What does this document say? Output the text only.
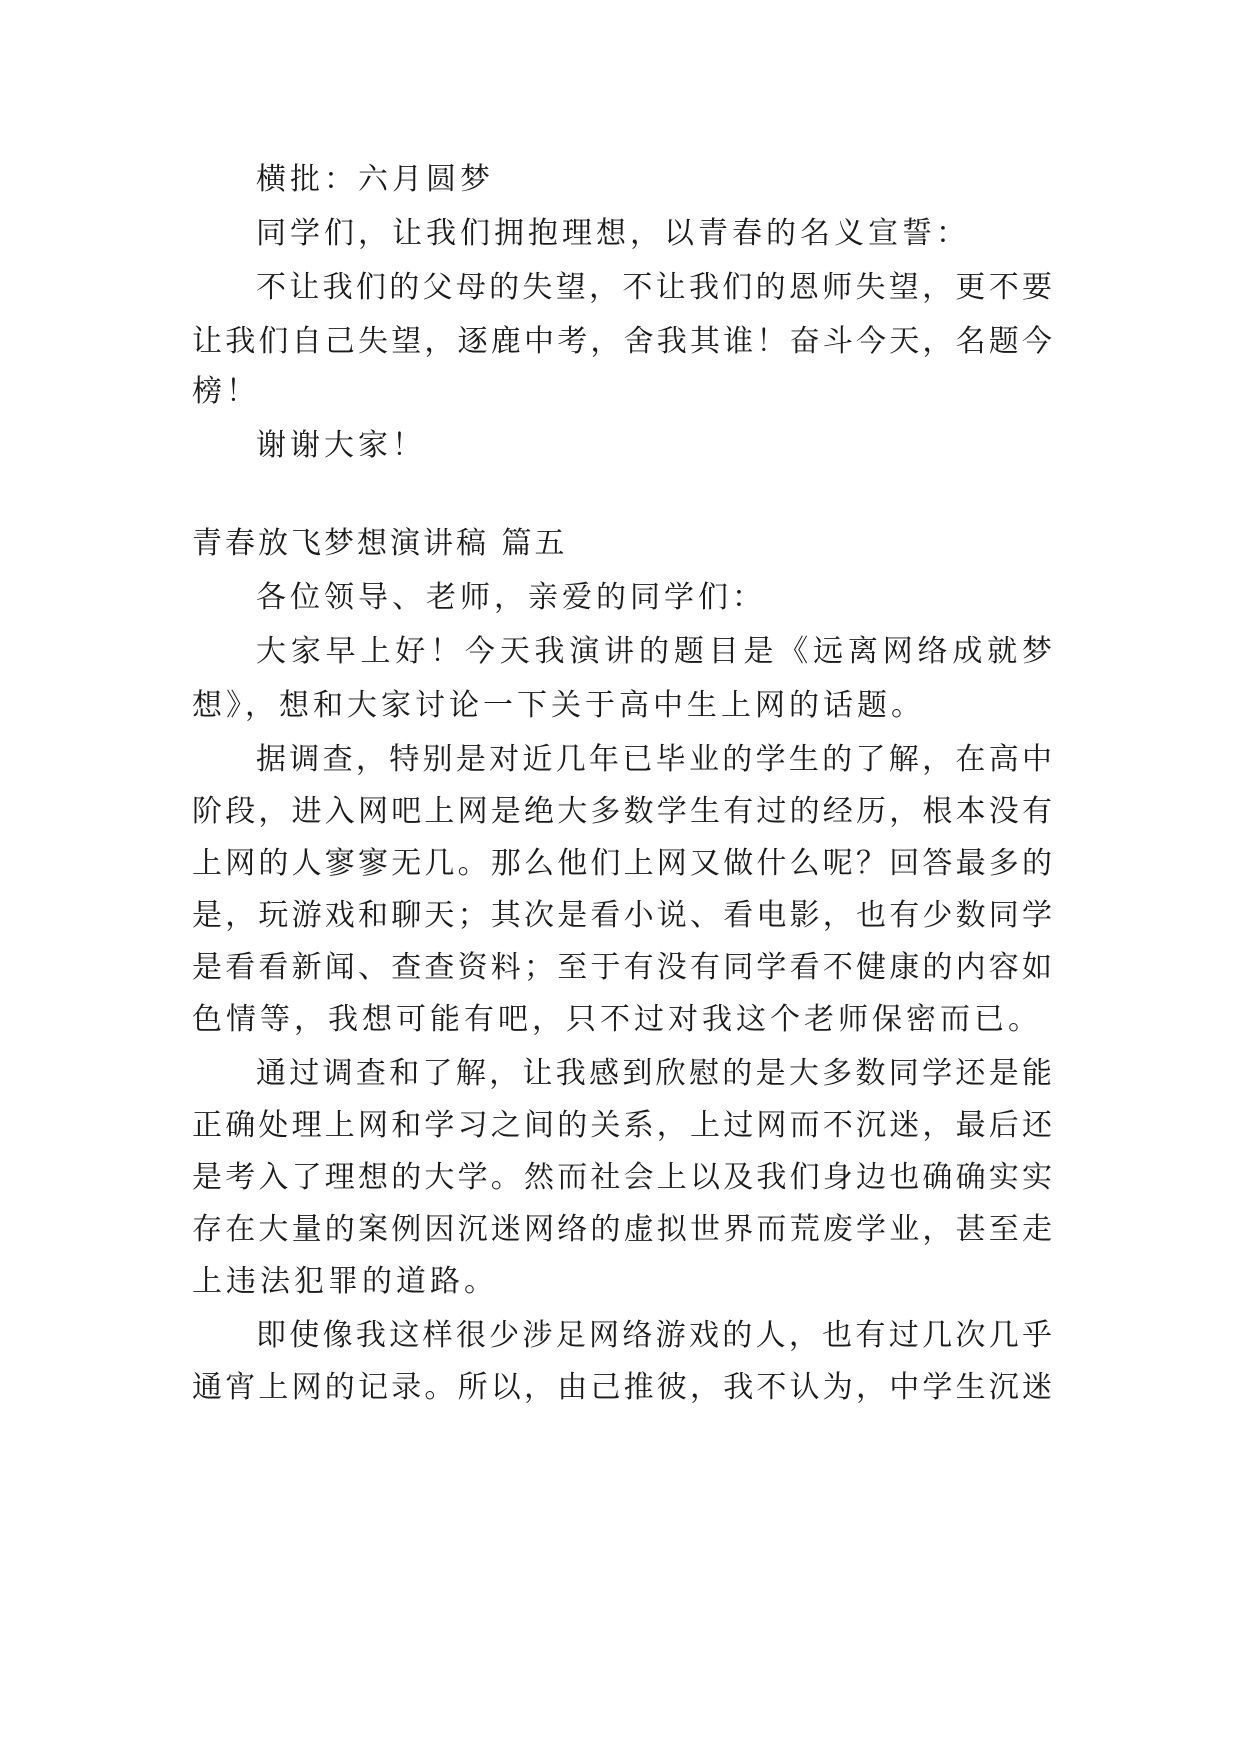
横批：六月圆梦
同学们，让我们拥抱理想，以青春的名义宣誓：
不让我们的父母的失望，不让我们的恩师失望，更不要
让我们自己失望，逐鹿中考，舍我其谁！奋斗今天，名题今
榜！
谢谢大家！
青春放飞梦想演讲稿 篇五
各位领导、老师，亲爱的同学们：
大家早上好！今天我演讲的题目是《远离网络成就梦
想》，想和大家讨论一下关于高中生上网的话题。
据调查，特别是对近几年已毕业的学生的了解，在高中
阶段，进入网吧上网是绝大多数学生有过的经历，根本没有
上网的人寥寥无几。那么他们上网又做什么呢？回答最多的
是，玩游戏和聊天；其次是看小说、看电影，也有少数同学
是看看新闻、查查资料；至于有没有同学看不健康的内容如
色情等，我想可能有吧，只不过对我这个老师保密而已。
通过调查和了解，让我感到欣慰的是大多数同学还是能
正确处理上网和学习之间的关系，上过网而不沉迷，最后还
是考入了理想的大学。然而社会上以及我们身边也确确实实
存在大量的案例因沉迷网络的虚拟世界而荒废学业，甚至走
上违法犯罪的道路。
即使像我这样很少涉足网络游戏的人，也有过几次几乎
通宵上网的记录。所以，由己推彼，我不认为，中学生沉迷
